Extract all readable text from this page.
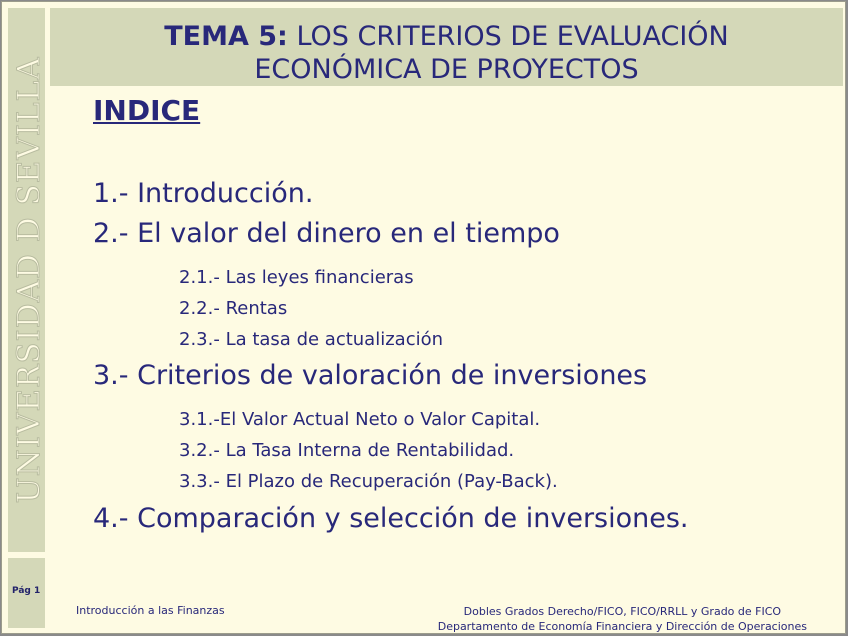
UNIVERSIDAD D SEVILLA
Pág 1
TEMA 5: LOS CRITERIOS DE EVALUACIÓN
ECONÓMICA DE PROYECTOS
INDICE
1.- Introducción.
2.- El valor del dinero en el tiempo
2.1.- Las leyes financieras
2.2.- Rentas
2.3.- La tasa de actualización
3.- Criterios de valoración de inversiones
3.1.-El Valor Actual Neto o Valor Capital.
3.2.- La Tasa Interna de Rentabilidad.
3.3.- El Plazo de Recuperación (Pay-Back).
4.- Comparación y selección de inversiones.
Introducción a las Finanzas	Dobles Grados Derecho/FICO, FICO/RRLL y Grado de FICO
Departamento de Economía Financiera y Dirección de Operaciones
